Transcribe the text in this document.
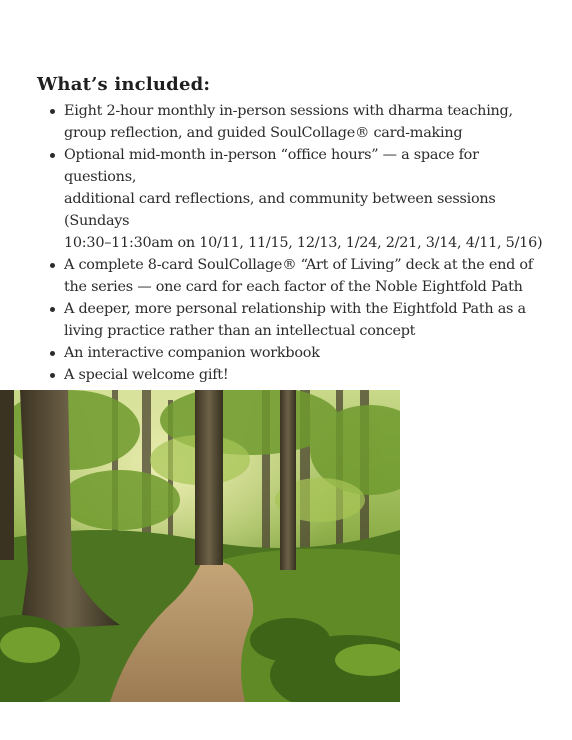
What’s included:
Eight 2-hour monthly in-person sessions with dharma teaching,
group reflection, and guided SoulCollage® card-making
Optional mid-month in-person “office hours” — a space for questions,
additional card reflections, and community between sessions (Sundays
10:30–11:30am on 10/11, 11/15, 12/13, 1/24, 2/21, 3/14, 4/11, 5/16)
A complete 8-card SoulCollage® “Art of Living” deck at the end of
the series — one card for each factor of the Noble Eightfold Path
A deeper, more personal relationship with the Eightfold Path as a
living practice rather than an intellectual concept
An interactive companion workbook
A special welcome gift!
